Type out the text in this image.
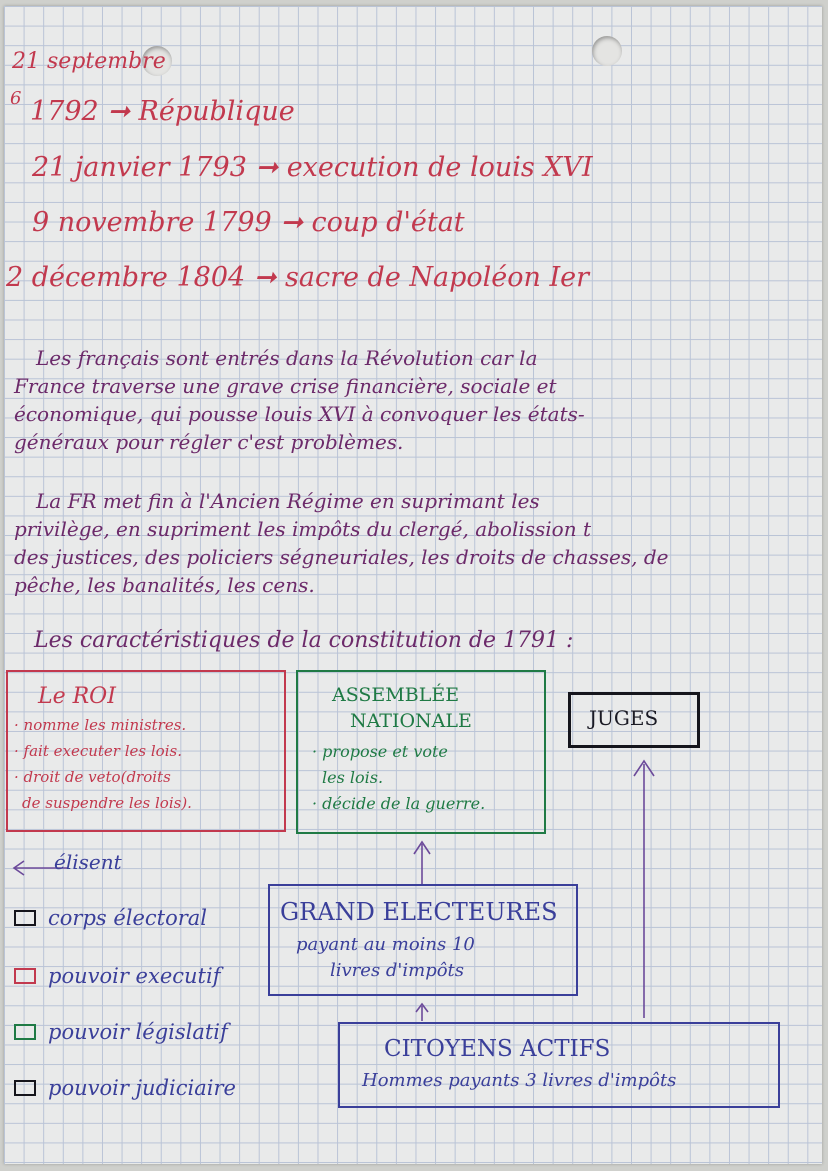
21 septembre
6 1792 ➞ République
21 janvier 1793 ➞ execution de louis XVI
9 novembre 1799 ➞ coup d'état
2 décembre 1804 ➞ sacre de Napoléon Ier

Les français sont entrés dans la Révolution car la

France traverse une grave crise financière, sociale et

économique, qui pousse louis XVI à convoquer les états-

généraux pour régler c'est problèmes.

La FR met fin à l'Ancien Régime en suprimant les

privilège, en supriment les impôts du clergé, abolission t

des justices, des policiers ségneuriales, les droits de chasses, de

pêche, les banalités, les cens.

Les caractéristiques de la constitution de 1791 :
Le ROI
· nomme les ministres.
· fait executer les lois.
· droit de veto(droits
de suspendre les lois).
ASSEMBLÉE
NATIONALE
· propose et vote
les lois.
· décide de la guerre.
JUGES
élisent
GRAND ELECTEURES
payant au moins 10
livres d'impôts
corps électoral
pouvoir executif
pouvoir législatif
pouvoir judiciaire
CITOYENS ACTIFS
Hommes payants 3 livres d'impôts
